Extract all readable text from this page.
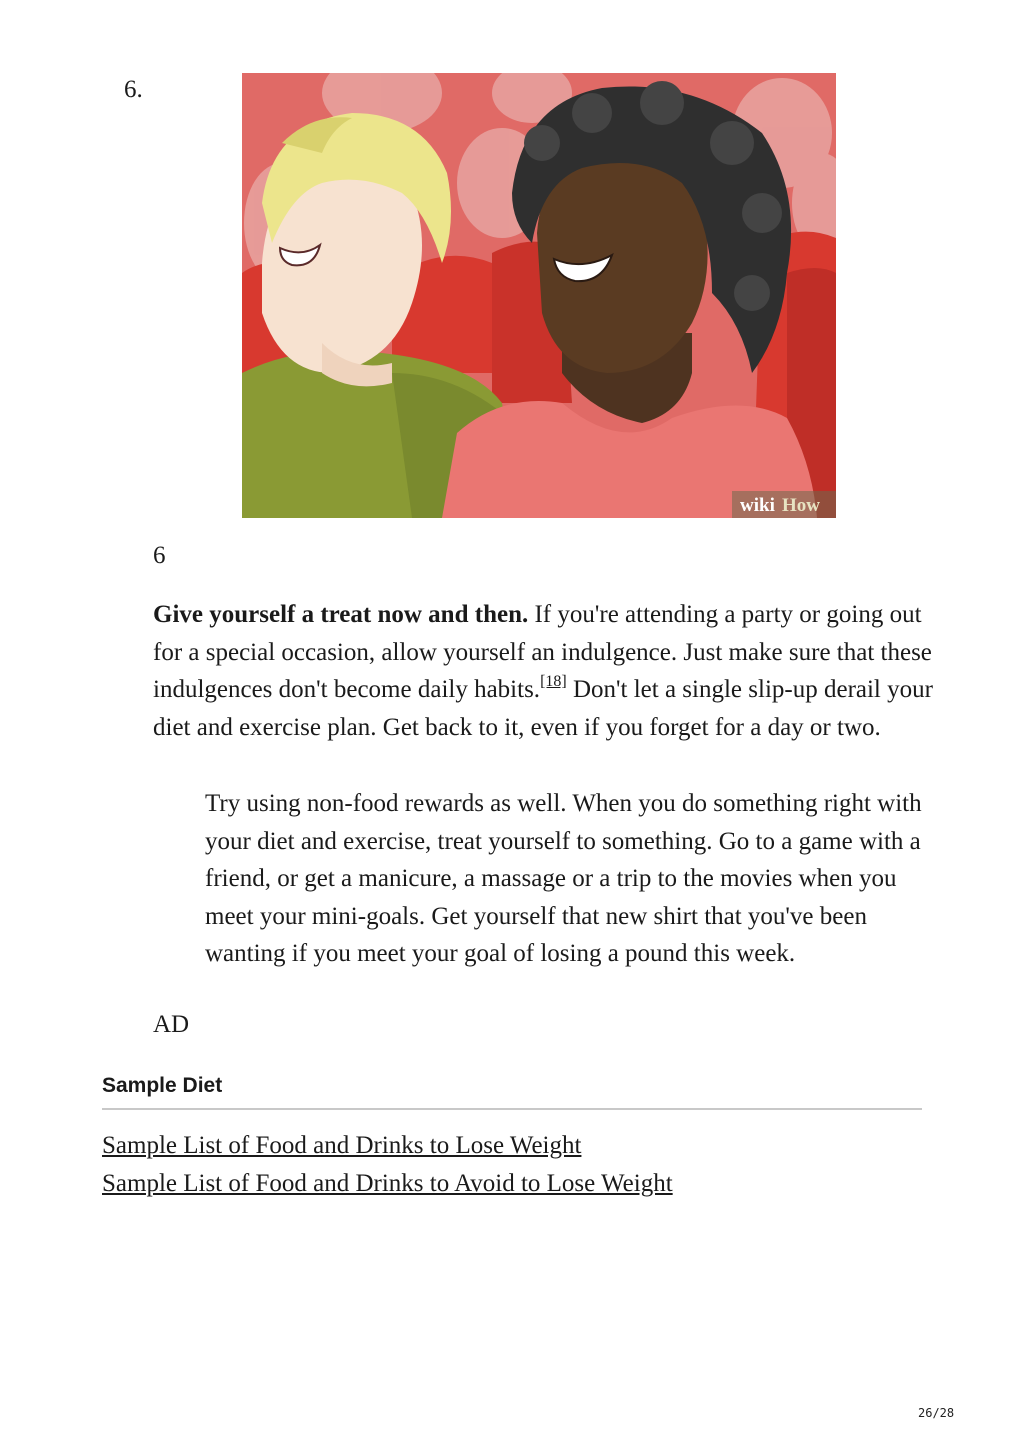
6.
wiki How
6

Give yourself a treat now and then. If you're attending a party or going out for a special occasion, allow yourself an indulgence. Just make sure that these indulgences don't become daily habits.[18] Don't let a single slip-up derail your diet and exercise plan. Get back to it, even if you forget for a day or two.

Try using non-food rewards as well. When you do something right with your diet and exercise, treat yourself to something. Go to a game with a friend, or get a manicure, a massage or a trip to the movies when you meet your mini-goals. Get yourself that new shirt that you've been wanting if you meet your goal of losing a pound this week.

AD
Sample Diet
Sample List of Food and Drinks to Lose Weight
Sample List of Food and Drinks to Avoid to Lose Weight
26/28
